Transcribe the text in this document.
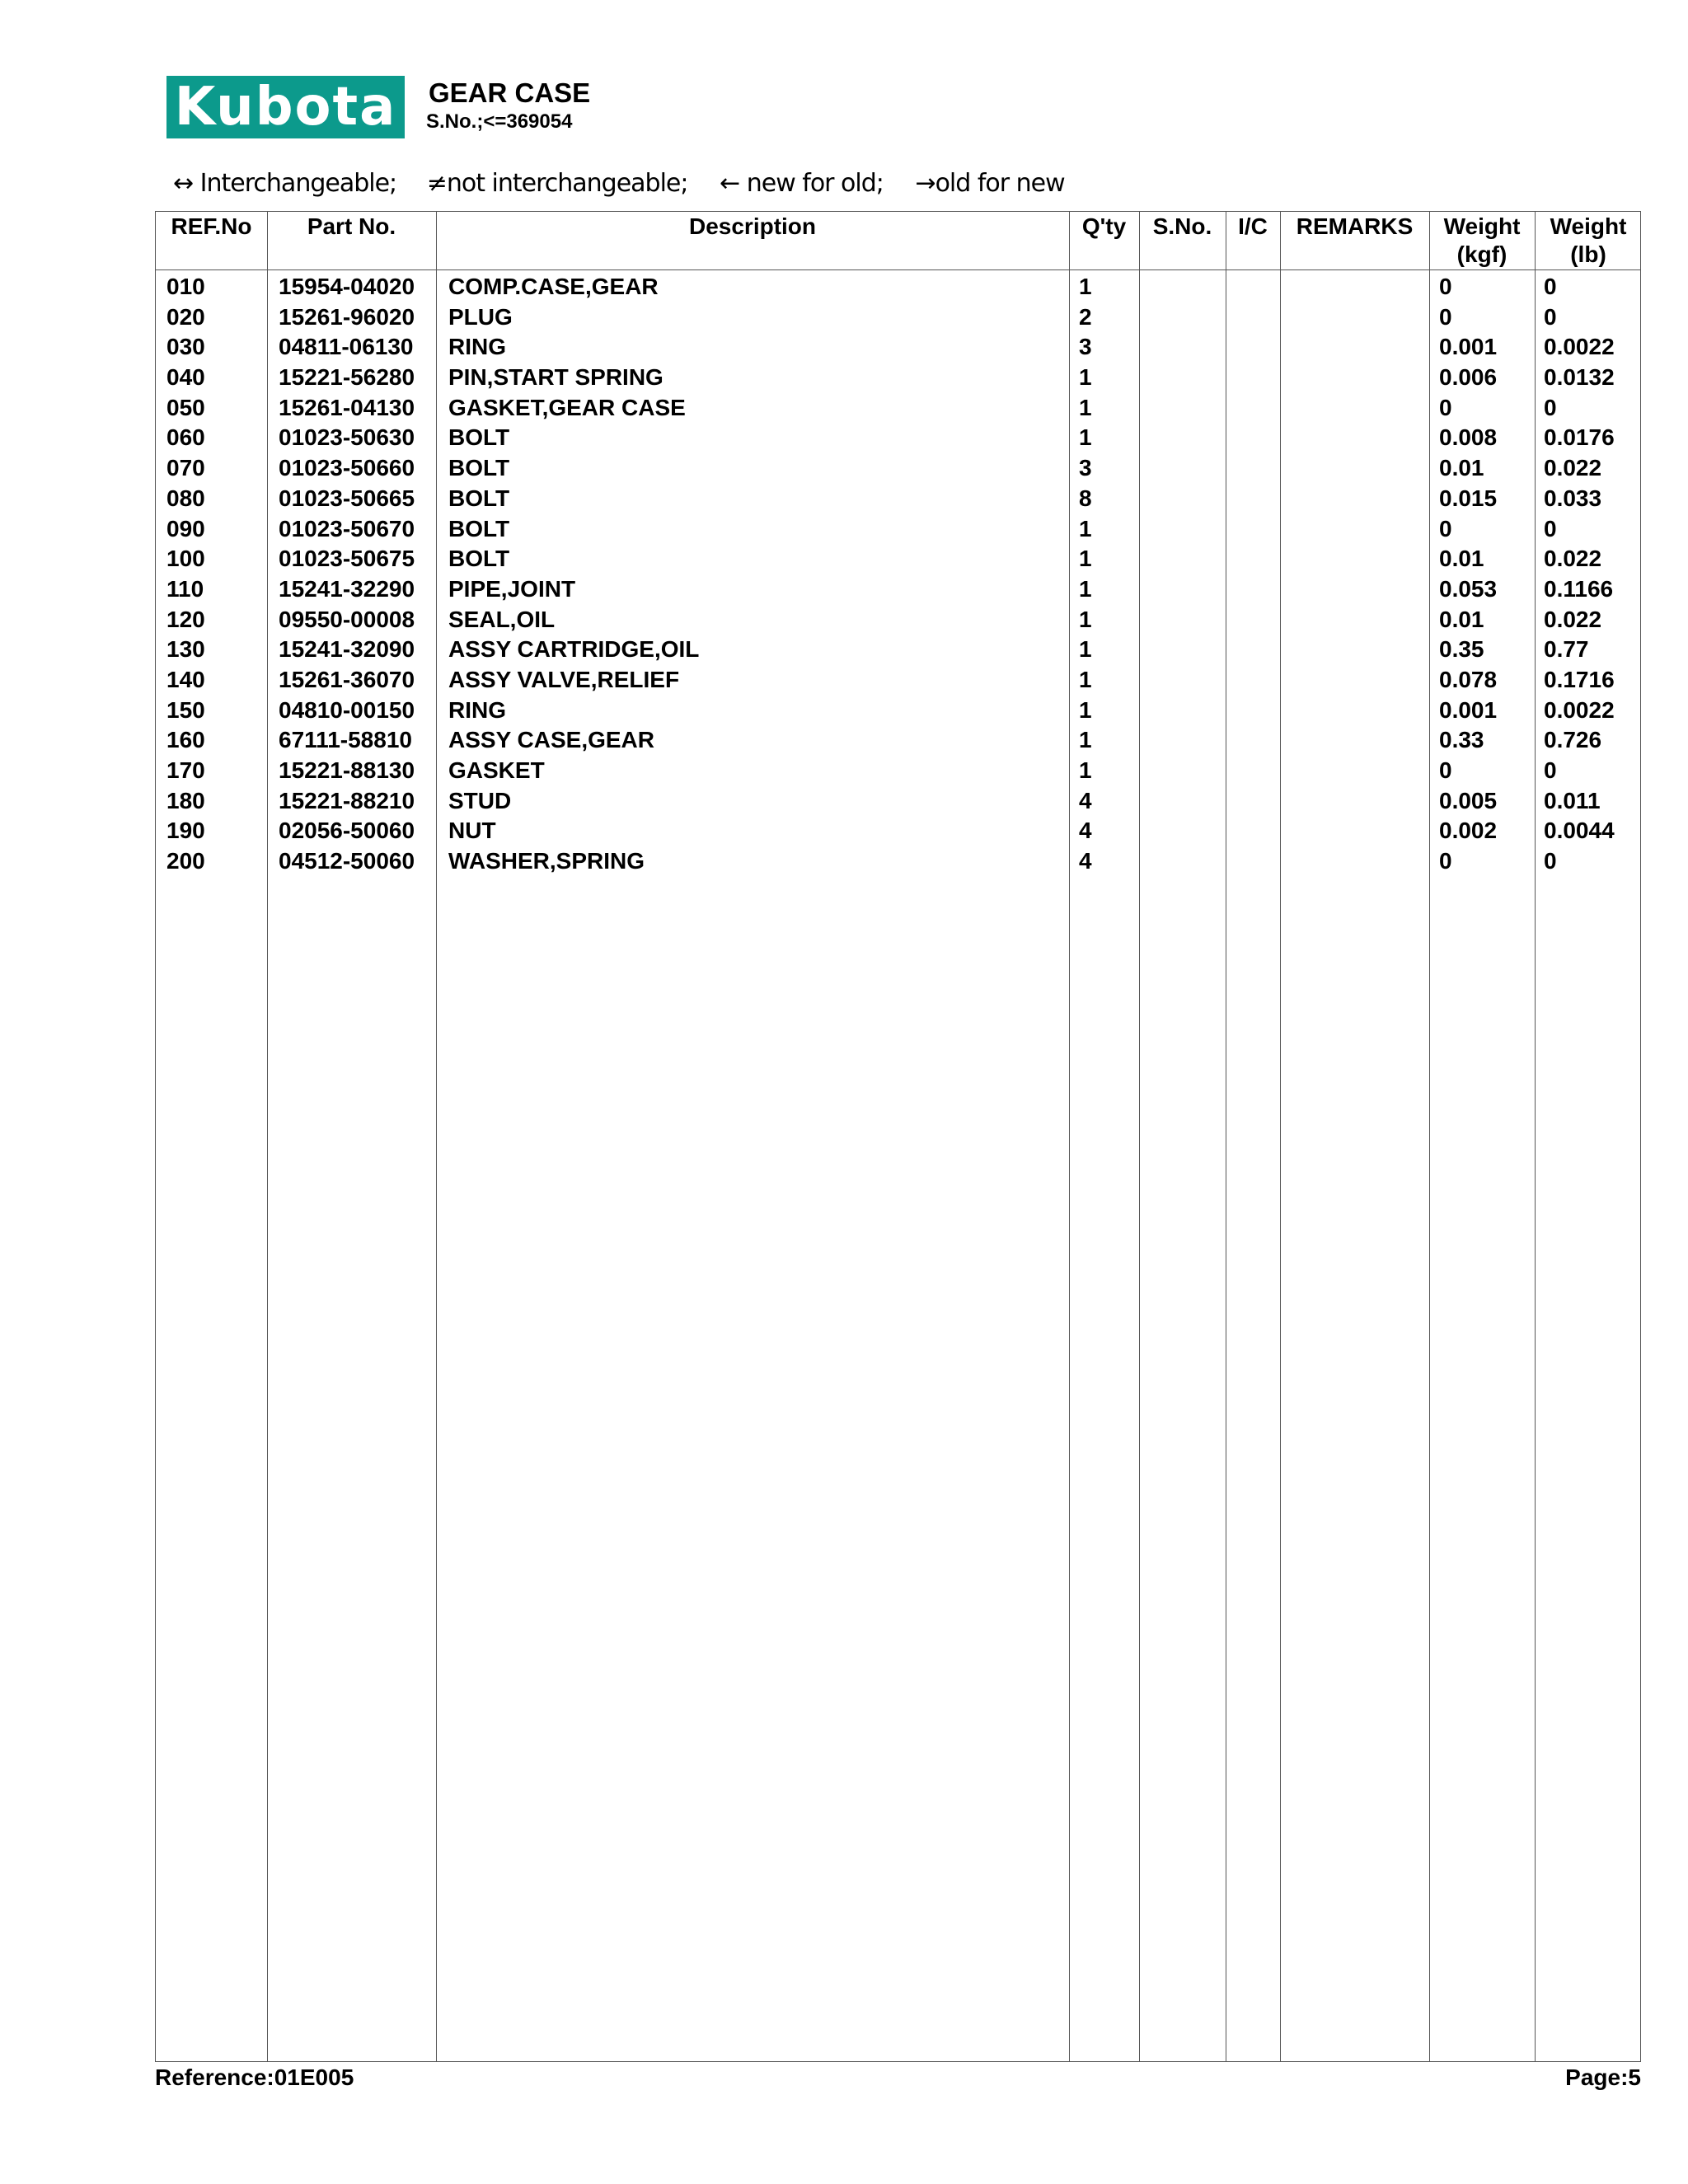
Kubota GEAR CASE
S.No.;<=369054
↔ Interchangeable; ≠not interchangeable; ← new for old; →old for new
REF.No	Part No.	Description	Q'ty	S.No.	I/C	REMARKS	Weight
(kgf)
Weight
(lb)
010	15954-04020 COMP.CASE,GEAR	1	0	0
020	15261-96020 PLUG	2	0	0
030	04811-06130 RING	3	0.001 0.0022
040	15221-56280 PIN,START SPRING	1	0.006 0.0132
050	15261-04130 GASKET,GEAR CASE	1	0	0
060	01023-50630 BOLT	1	0.008 0.0176
070	01023-50660 BOLT	3	0.01	0.022
080	01023-50665 BOLT	8	0.015 0.033
090	01023-50670 BOLT	1	0	0
100	01023-50675 BOLT	1	0.01	0.022
110	15241-32290 PIPE,JOINT	1	0.053 0.1166
120	09550-00008 SEAL,OIL	1	0.01	0.022
130	15241-32090 ASSY CARTRIDGE,OIL	1	0.35	0.77
140	15261-36070 ASSY VALVE,RELIEF	1	0.078 0.1716
150	04810-00150 RING	1	0.001 0.0022
160	67111-58810 ASSY CASE,GEAR	1	0.33	0.726
170	15221-88130 GASKET	1	0	0
180	15221-88210 STUD	4	0.005 0.011
190	02056-50060 NUT	4	0.002 0.0044
200	04512-50060 WASHER,SPRING	4	0	0
Reference:01E005	Page:5
